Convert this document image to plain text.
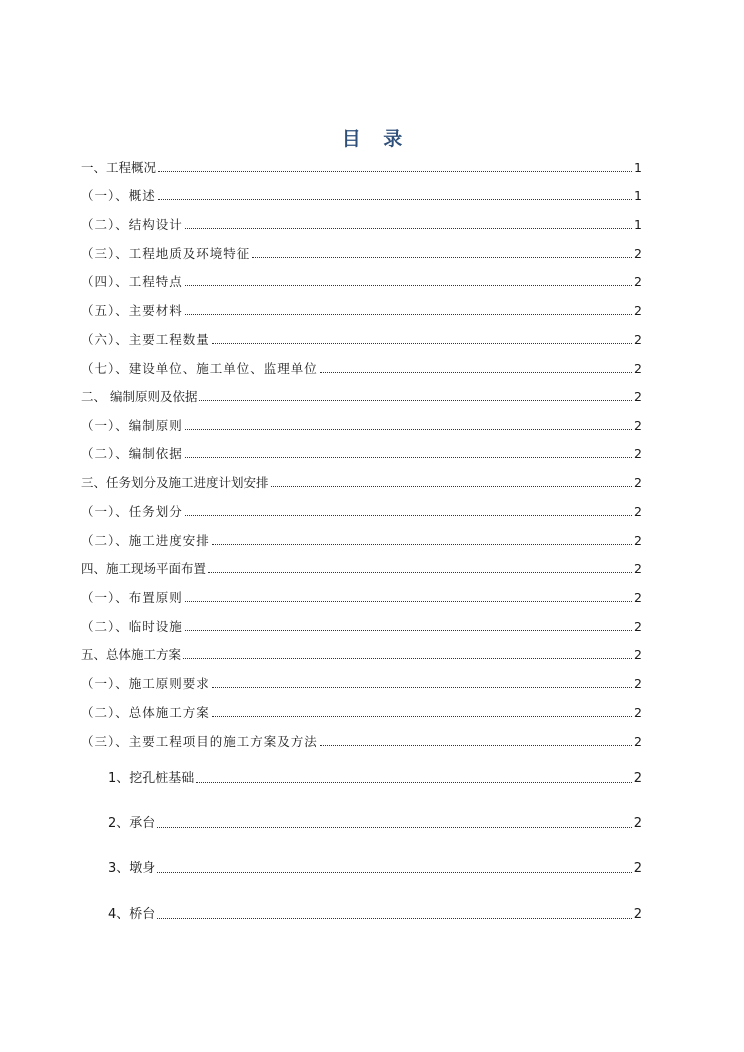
目 录
一、工程概况	1
（一）、概述	1
（二）、结构设计	1
（三）、工程地质及环境特征	2
（四）、工程特点	2
（五）、主要材料	2
（六）、主要工程数量	2
（七）、建设单位、施工单位、监理单位	2
二、 编制原则及依据	2
（一）、编制原则	2
（二）、编制依据	2
三、任务划分及施工进度计划安排	2
（一）、任务划分	2
（二）、施工进度安排	2
四、施工现场平面布置	2
（一）、布置原则	2
（二）、临时设施	2
五、总体施工方案	2
（一）、施工原则要求	2
（二）、总体施工方案	2
（三）、主要工程项目的施工方案及方法	2
1、挖孔桩基础	2
2、承台	2
3、墩身	2
4、桥台	2
